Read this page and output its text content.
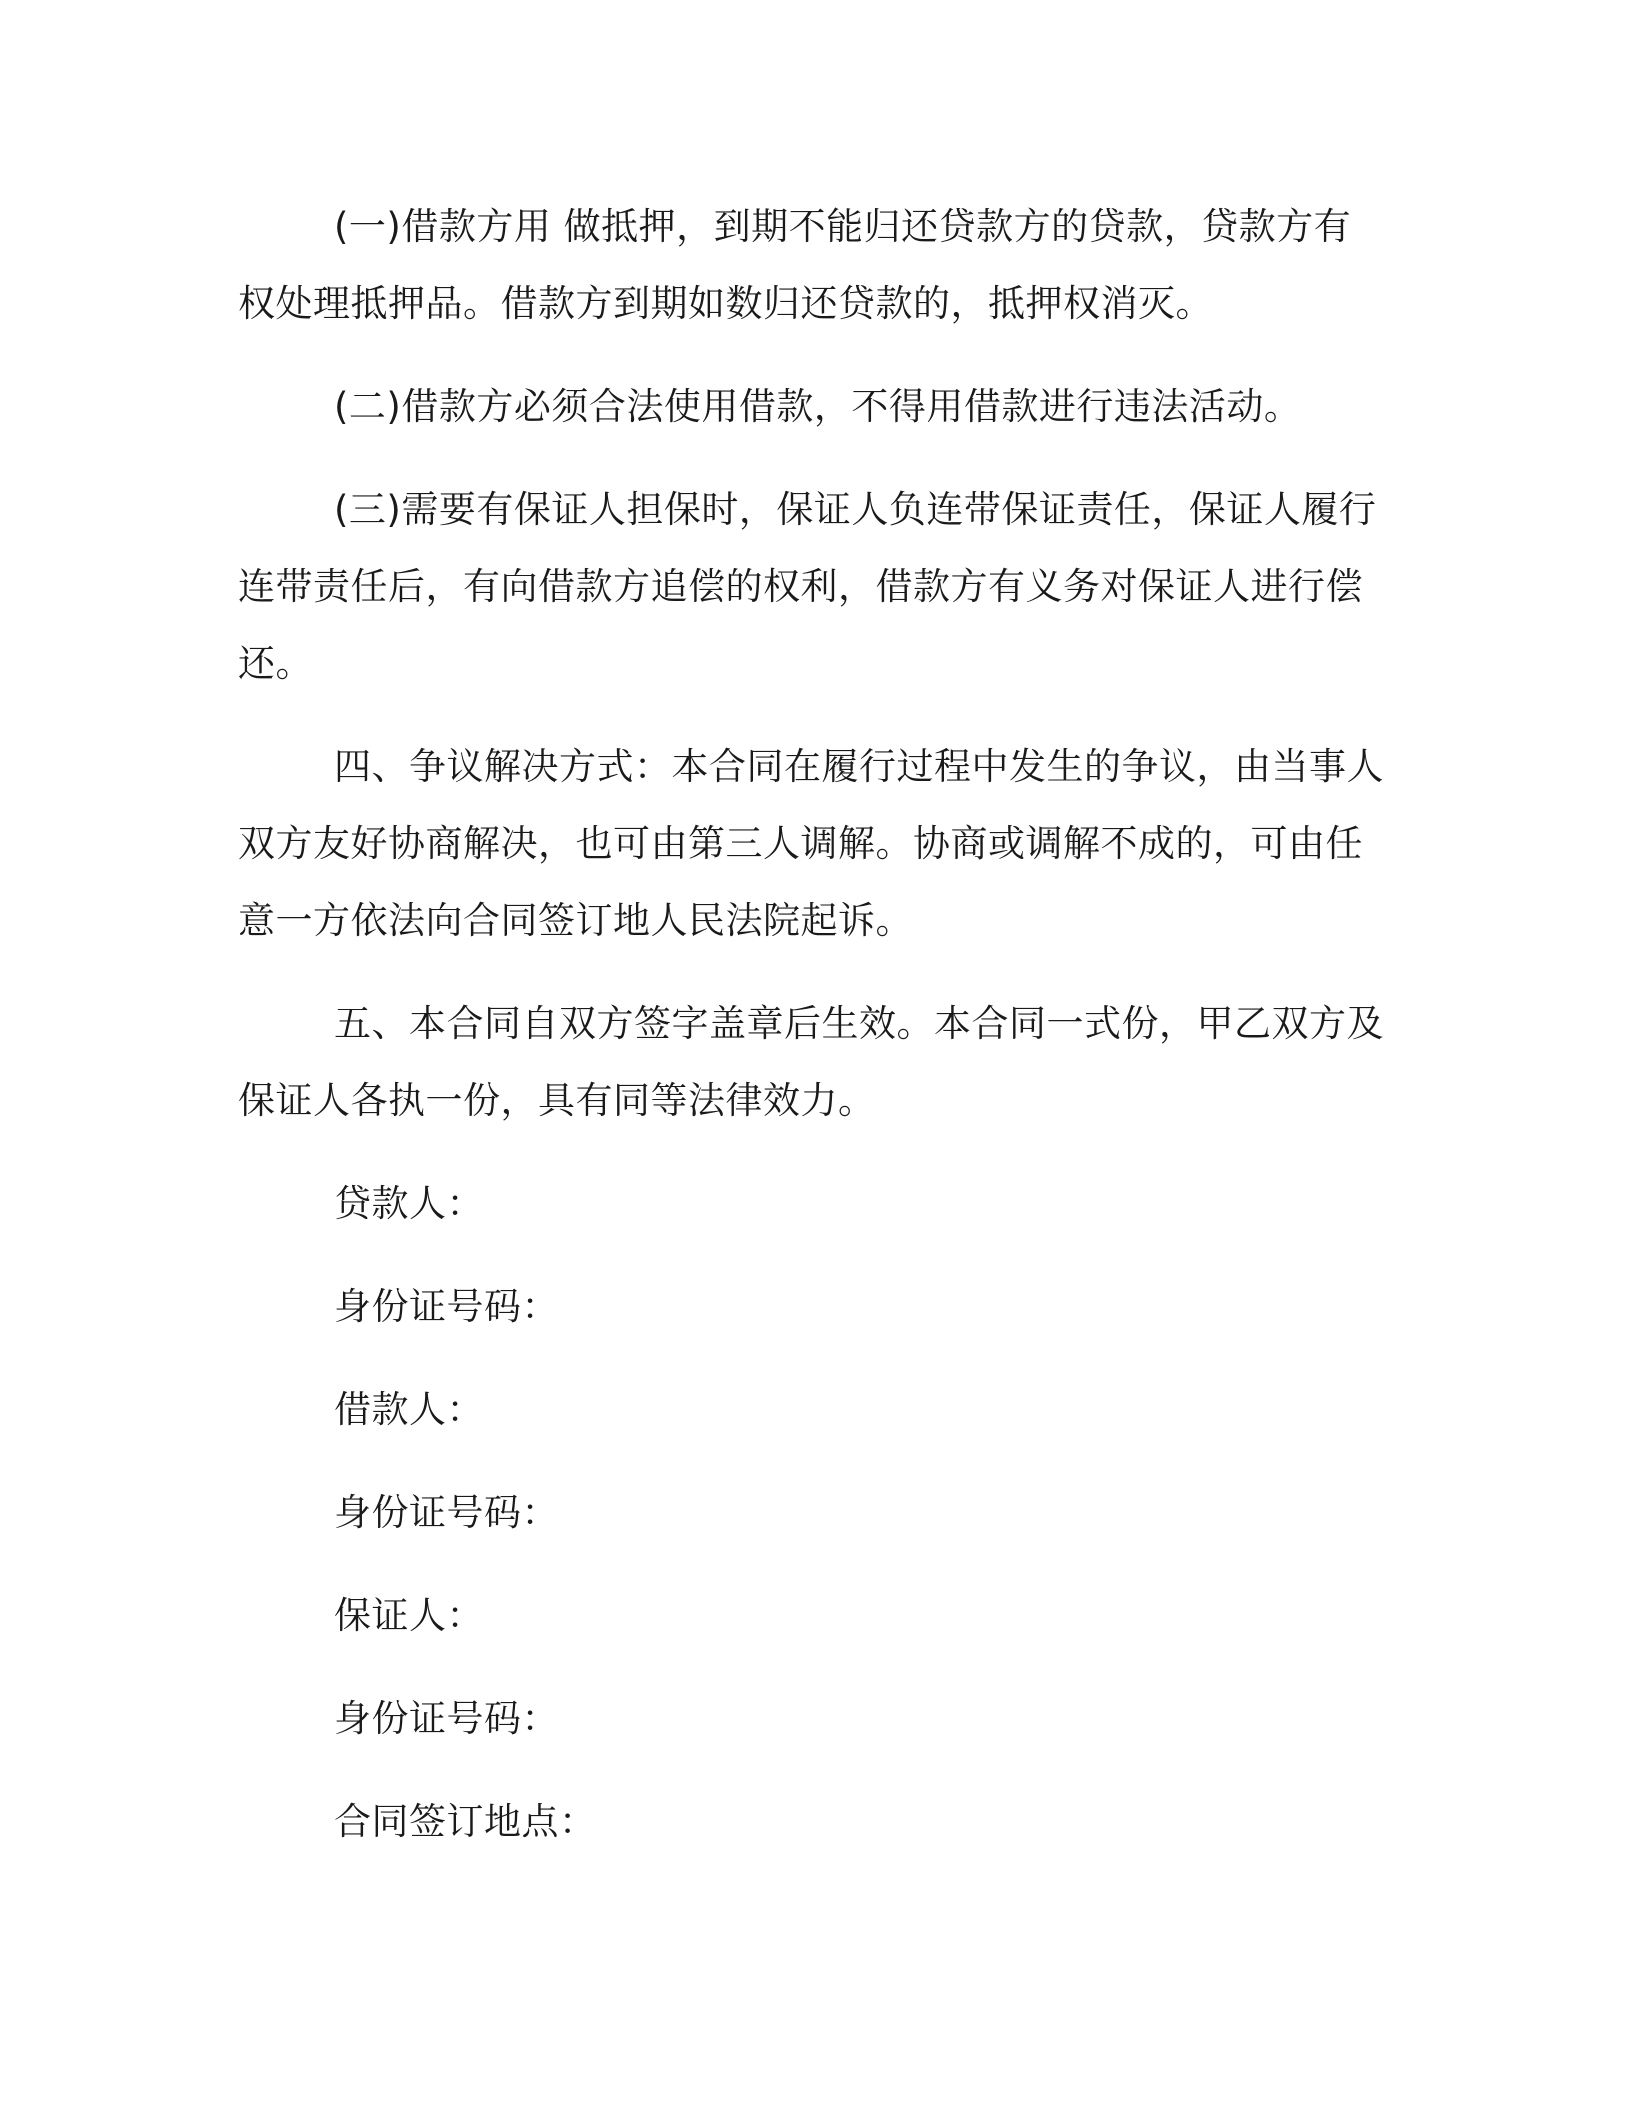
(一)借款方用 做抵押，到期不能归还贷款方的贷款，贷款方有权处理抵押品。借款方到期如数归还贷款的，抵押权消灭。

(二)借款方必须合法使用借款，不得用借款进行违法活动。

(三)需要有保证人担保时，保证人负连带保证责任，保证人履行连带责任后，有向借款方追偿的权利，借款方有义务对保证人进行偿还。

四、争议解决方式：本合同在履行过程中发生的争议，由当事人双方友好协商解决，也可由第三人调解。协商或调解不成的，可由任意一方依法向合同签订地人民法院起诉。

五、本合同自双方签字盖章后生效。本合同一式份，甲乙双方及保证人各执一份，具有同等法律效力。

贷款人：

身份证号码：

借款人：

身份证号码：

保证人：

身份证号码：

合同签订地点：
